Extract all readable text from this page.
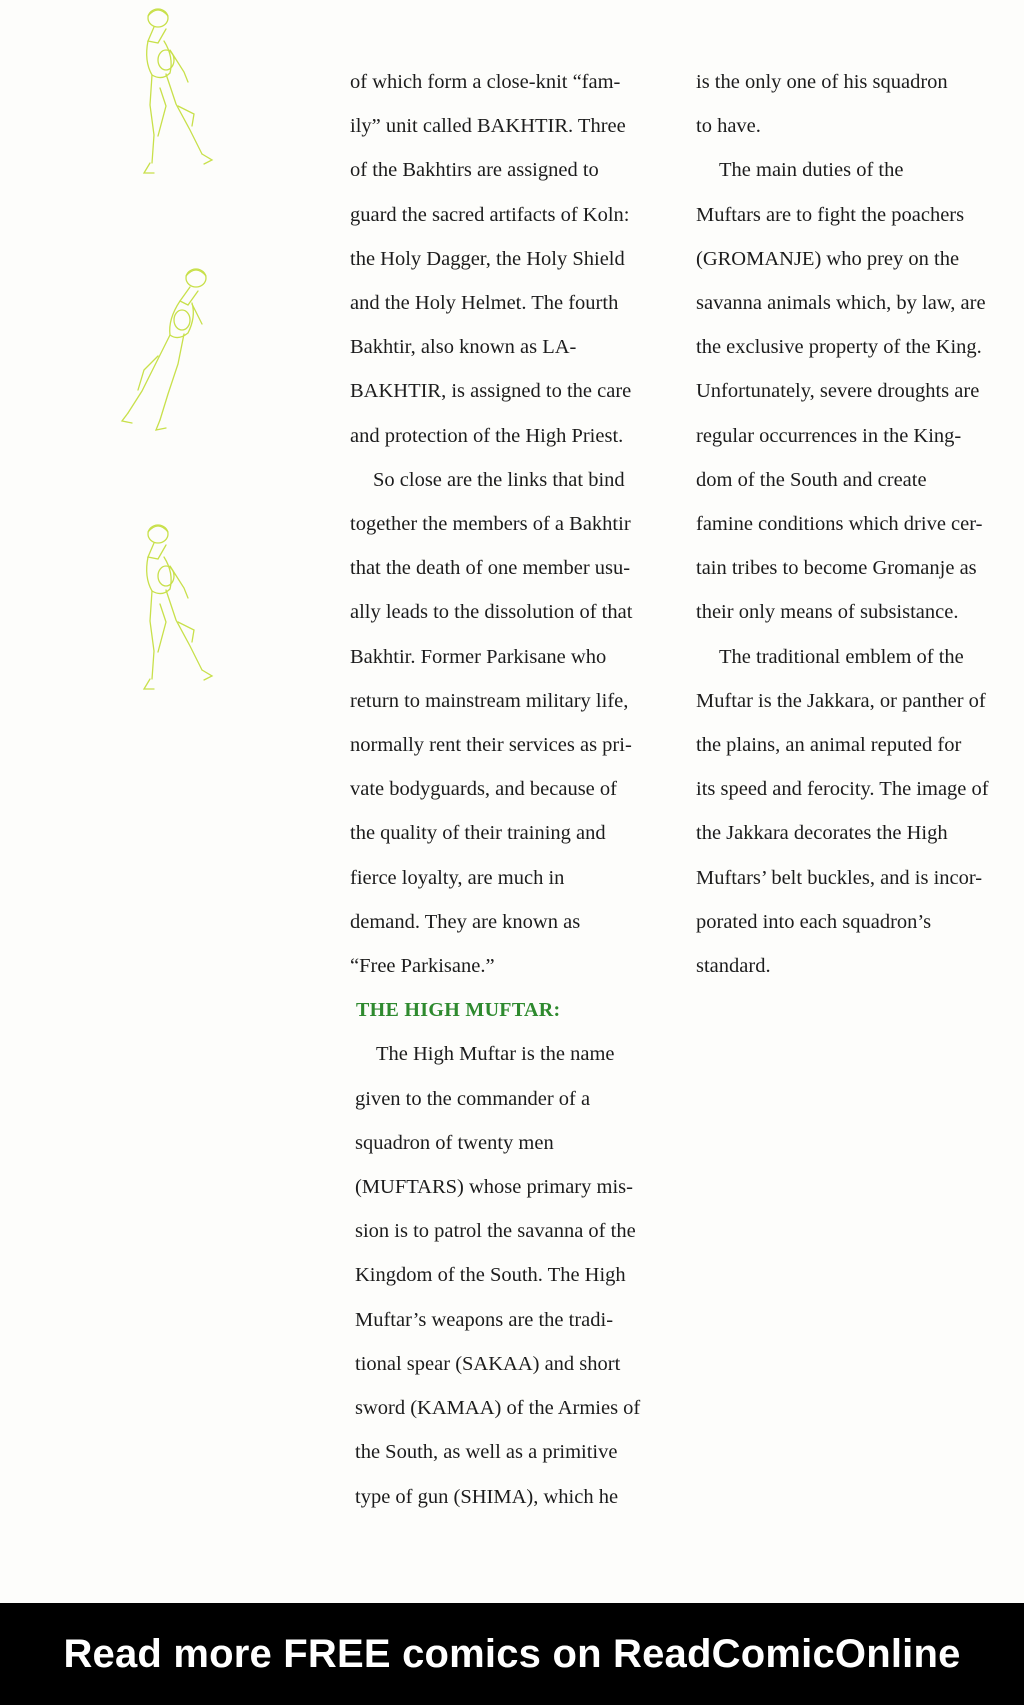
of which form a close-knit “fam-
ily” unit called BAKHTIR. Three
of the Bakhtirs are assigned to
guard the sacred artifacts of Koln:
the Holy Dagger, the Holy Shield
and the Holy Helmet. The fourth
Bakhtir, also known as LA-
BAKHTIR, is assigned to the care
and protection of the High Priest.
So close are the links that bind
together the members of a Bakhtir
that the death of one member usu-
ally leads to the dissolution of that
Bakhtir. Former Parkisane who
return to mainstream military life,
normally rent their services as pri-
vate bodyguards, and because of
the quality of their training and
fierce loyalty, are much in
demand. They are known as
“Free Parkisane.”
THE HIGH MUFTAR:
The High Muftar is the name
given to the commander of a
squadron of twenty men
(MUFTARS) whose primary mis-
sion is to patrol the savanna of the
Kingdom of the South. The High
Muftar’s weapons are the tradi-
tional spear (SAKAA) and short
sword (KAMAA) of the Armies of
the South, as well as a primitive
type of gun (SHIMA), which he
is the only one of his squadron
to have.
The main duties of the
Muftars are to fight the poachers
(GROMANJE) who prey on the
savanna animals which, by law, are
the exclusive property of the King.
Unfortunately, severe droughts are
regular occurrences in the King-
dom of the South and create
famine conditions which drive cer-
tain tribes to become Gromanje as
their only means of subsistance.
The traditional emblem of the
Muftar is the Jakkara, or panther of
the plains, an animal reputed for
its speed and ferocity. The image of
the Jakkara decorates the High
Muftars’ belt buckles, and is incor-
porated into each squadron’s
standard.
Read more FREE comics on ReadComicOnline
